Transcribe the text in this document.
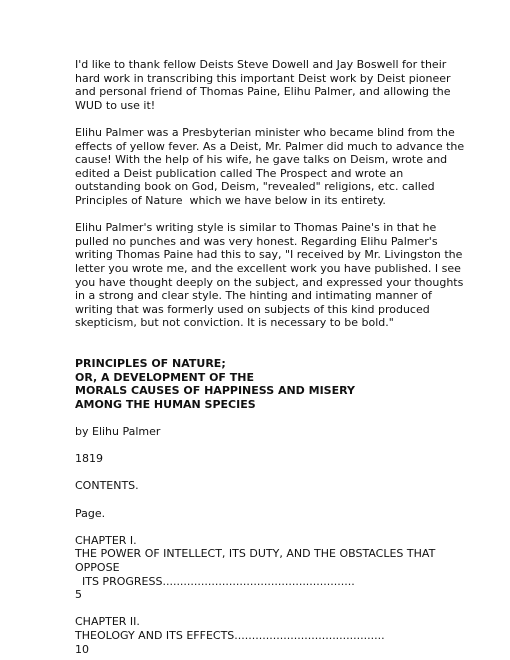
I'd like to thank fellow Deists Steve Dowell and Jay Boswell for their
hard work in transcribing this important Deist work by Deist pioneer
and personal friend of Thomas Paine, Elihu Palmer, and allowing the
WUD to use it!
Elihu Palmer was a Presbyterian minister who became blind from the
effects of yellow fever. As a Deist, Mr. Palmer did much to advance the
cause! With the help of his wife, he gave talks on Deism, wrote and
edited a Deist publication called The Prospect and wrote an
outstanding book on God, Deism, "revealed" religions, etc. called
Principles of Nature  which we have below in its entirety.
Elihu Palmer's writing style is similar to Thomas Paine's in that he
pulled no punches and was very honest. Regarding Elihu Palmer's
writing Thomas Paine had this to say, "I received by Mr. Livingston the
letter you wrote me, and the excellent work you have published. I see
you have thought deeply on the subject, and expressed your thoughts
in a strong and clear style. The hinting and intimating manner of
writing that was formerly used on subjects of this kind produced
skepticism, but not conviction. It is necessary to be bold."
PRINCIPLES OF NATURE;
OR, A DEVELOPMENT OF THE
MORALS CAUSES OF HAPPINESS AND MISERY
AMONG THE HUMAN SPECIES
by Elihu Palmer
1819
CONTENTS.
Page.
CHAPTER I.
THE POWER OF INTELLECT, ITS DUTY, AND THE OBSTACLES THAT
OPPOSE
ITS PROGRESS.......................................................
5
CHAPTER II.
THEOLOGY AND ITS EFFECTS...........................................
10
